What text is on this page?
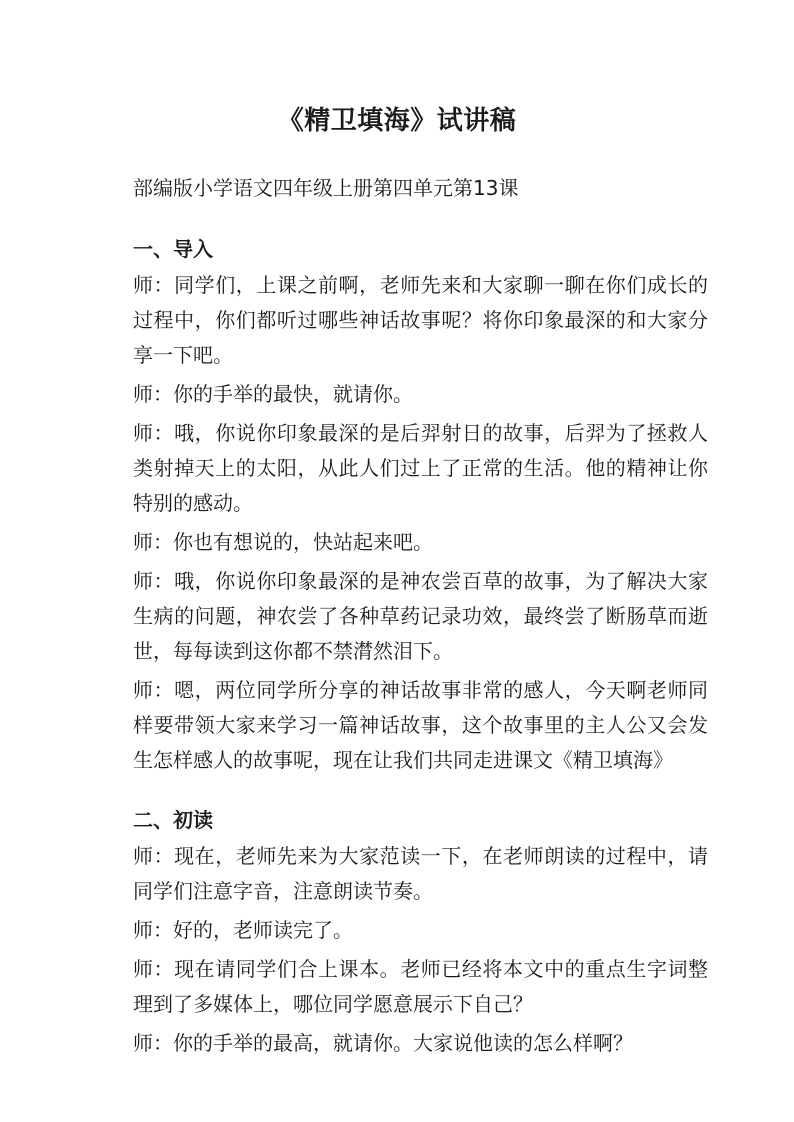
《精卫填海》试讲稿
部编版小学语文四年级上册第四单元第13课
一、导入
师：同学们，上课之前啊，老师先来和大家聊一聊在你们成长的过程中，你们都听过哪些神话故事呢？将你印象最深的和大家分享一下吧。
师：你的手举的最快，就请你。
师：哦，你说你印象最深的是后羿射日的故事，后羿为了拯救人类射掉天上的太阳，从此人们过上了正常的生活。他的精神让你特别的感动。
师：你也有想说的，快站起来吧。
师：哦，你说你印象最深的是神农尝百草的故事，为了解决大家生病的问题，神农尝了各种草药记录功效，最终尝了断肠草而逝世，每每读到这你都不禁潸然泪下。
师：嗯，两位同学所分享的神话故事非常的感人，今天啊老师同样要带领大家来学习一篇神话故事，这个故事里的主人公又会发生怎样感人的故事呢，现在让我们共同走进课文《精卫填海》
二、初读
师：现在，老师先来为大家范读一下，在老师朗读的过程中，请同学们注意字音，注意朗读节奏。
师：好的，老师读完了。
师：现在请同学们合上课本。老师已经将本文中的重点生字词整理到了多媒体上，哪位同学愿意展示下自己？
师：你的手举的最高，就请你。大家说他读的怎么样啊？
